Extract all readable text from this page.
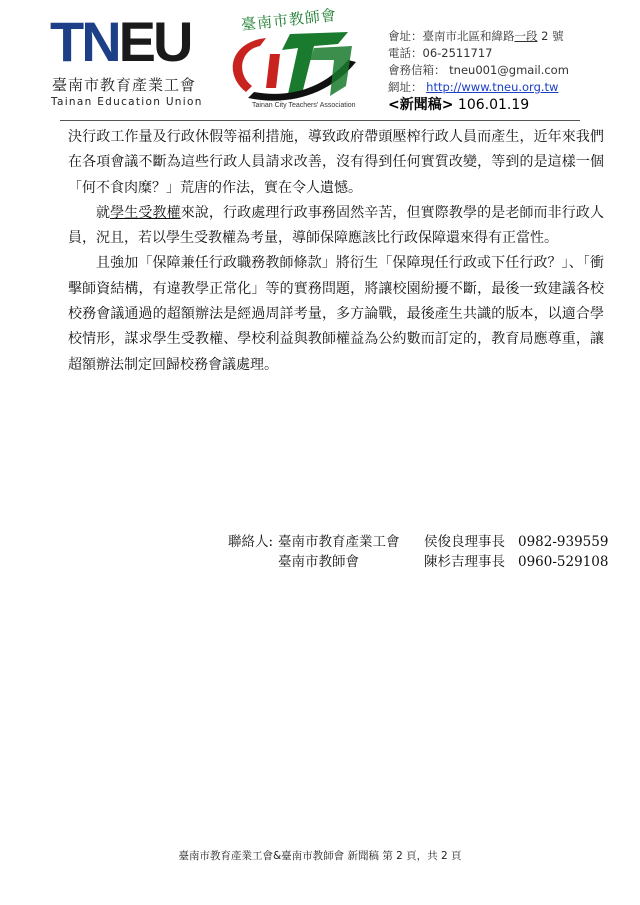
TNEU
臺南市教育產業工會
Tainan Education Union
臺南市教師會
Tainan City Teachers' Association
會址：臺南市北區和緯路一段 2 號
電話：06-2511717
會務信箱： tneu001@gmail.com
網址： http://www.tneu.org.tw
<新聞稿> 106.01.19

決行政工作量及行政休假等福利措施，導致政府帶頭壓榨行政人員而產生，近年來我們在各項會議不斷為這些行政人員請求改善，沒有得到任何實質改變，等到的是這樣一個「何不食肉糜？」荒唐的作法，實在令人遺憾。

就學生受教權來說，行政處理行政事務固然辛苦，但實際教學的是老師而非行政人員，況且，若以學生受教權為考量，導師保障應該比行政保障還來得有正當性。

且強加「保障兼任行政職務教師條款」將衍生「保障現任行政或下任行政？」、「衝擊師資結構，有違教學正常化」等的實務問題，將讓校園紛擾不斷，最後一致建議各校校務會議通過的超額辦法是經過周詳考量，多方論戰，最後產生共識的版本，以適合學校情形，謀求學生受教權、學校利益與教師權益為公約數而訂定的，教育局應尊重，讓超額辦法制定回歸校務會議處理。

聯絡人: 臺南市教育產業工會 侯俊良理事長 0982-939559
臺南市教師會	陳杉吉理事長 0960-529108
臺南市教育產業工會&臺南市教師會 新聞稿 第 2 頁，共 2 頁
